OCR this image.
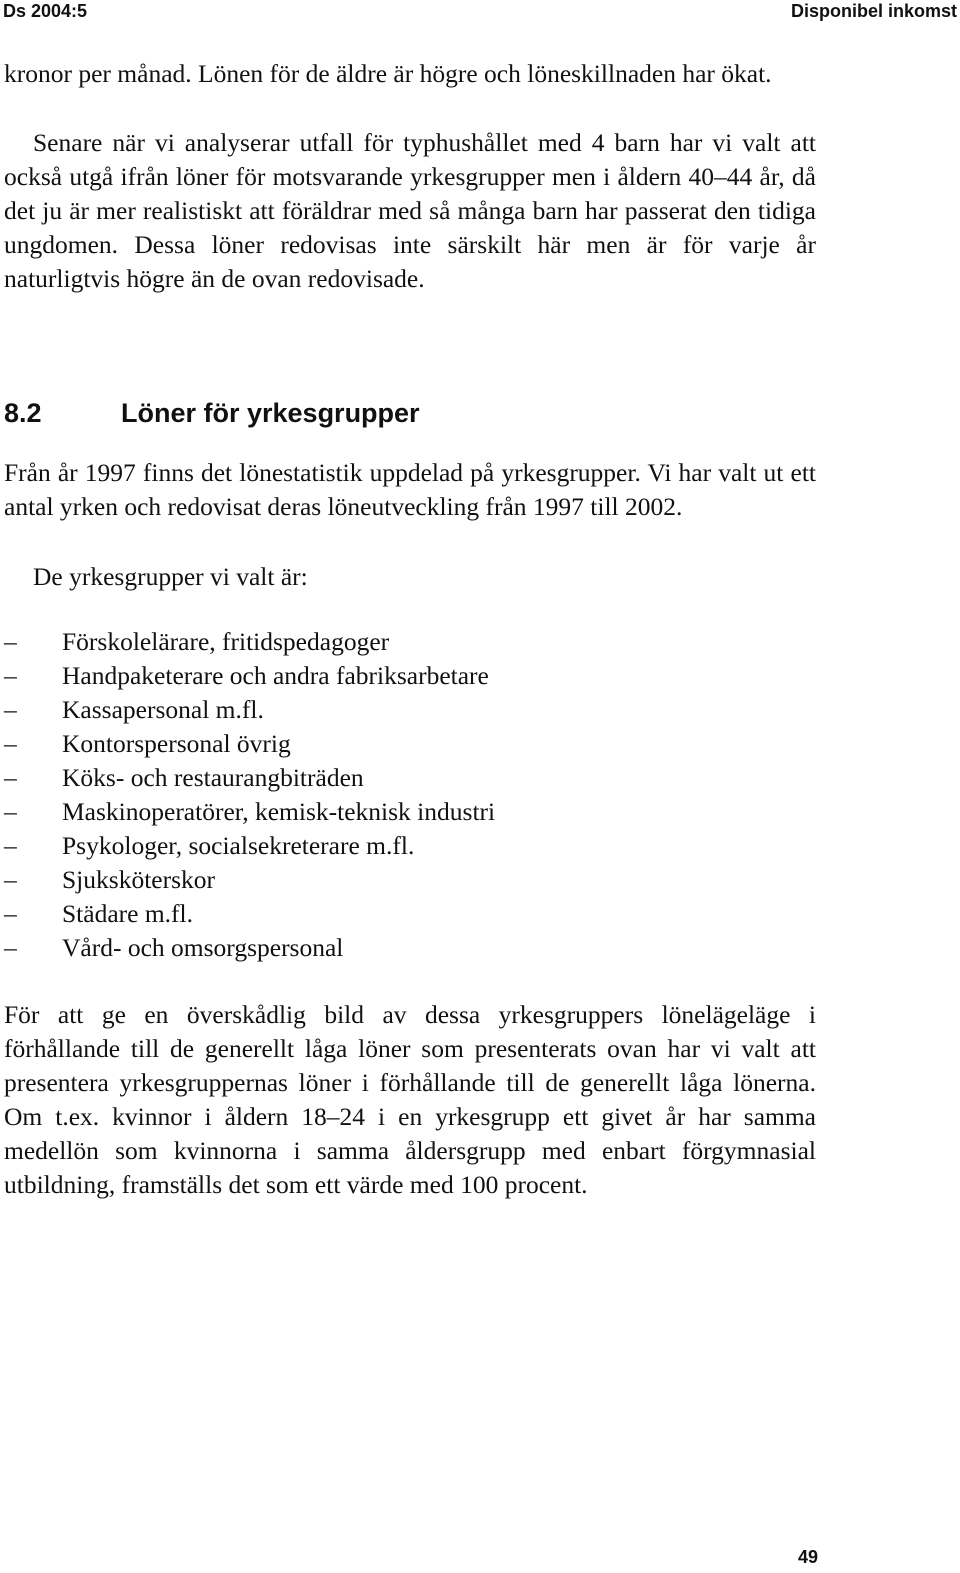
Ds 2004:5	Disponibel inkomst

kronor per månad. Lönen för de äldre är högre och löneskillnaden har ökat.

Senare när vi analyserar utfall för typhushållet med 4 barn har vi valt att också utgå ifrån löner för motsvarande yrkesgrupper men i åldern 40–44 år, då det ju är mer realistiskt att föräldrar med så många barn har passerat den tidiga ungdomen. Dessa löner redovisas inte särskilt här men är för varje år naturligtvis högre än de ovan redovisade.

8.2	Löner för yrkesgrupper

Från år 1997 finns det lönestatistik uppdelad på yrkesgrupper. Vi har valt ut ett antal yrken och redovisat deras löneutveckling från 1997 till 2002.

De yrkesgrupper vi valt är:

–	Förskolelärare, fritidspedagoger
–	Handpaketerare och andra fabriksarbetare
–	Kassapersonal m.fl.
–	Kontorspersonal övrig
–	Köks- och restaurangbiträden
–	Maskinoperatörer, kemisk-teknisk industri
–	Psykologer, socialsekreterare m.fl.
–	Sjuksköterskor
–	Städare m.fl.
–	Vård- och omsorgspersonal

För att ge en överskådlig bild av dessa yrkesgruppers lönelägeläge i förhållande till de generellt låga löner som presenterats ovan har vi valt att presentera yrkesgruppernas löner i förhållande till de generellt låga lönerna. Om t.ex. kvinnor i åldern 18–24 i en yrkesgrupp ett givet år har samma medellön som kvinnorna i samma åldersgrupp med enbart förgymnasial utbildning, framställs det som ett värde med 100 procent.

49
